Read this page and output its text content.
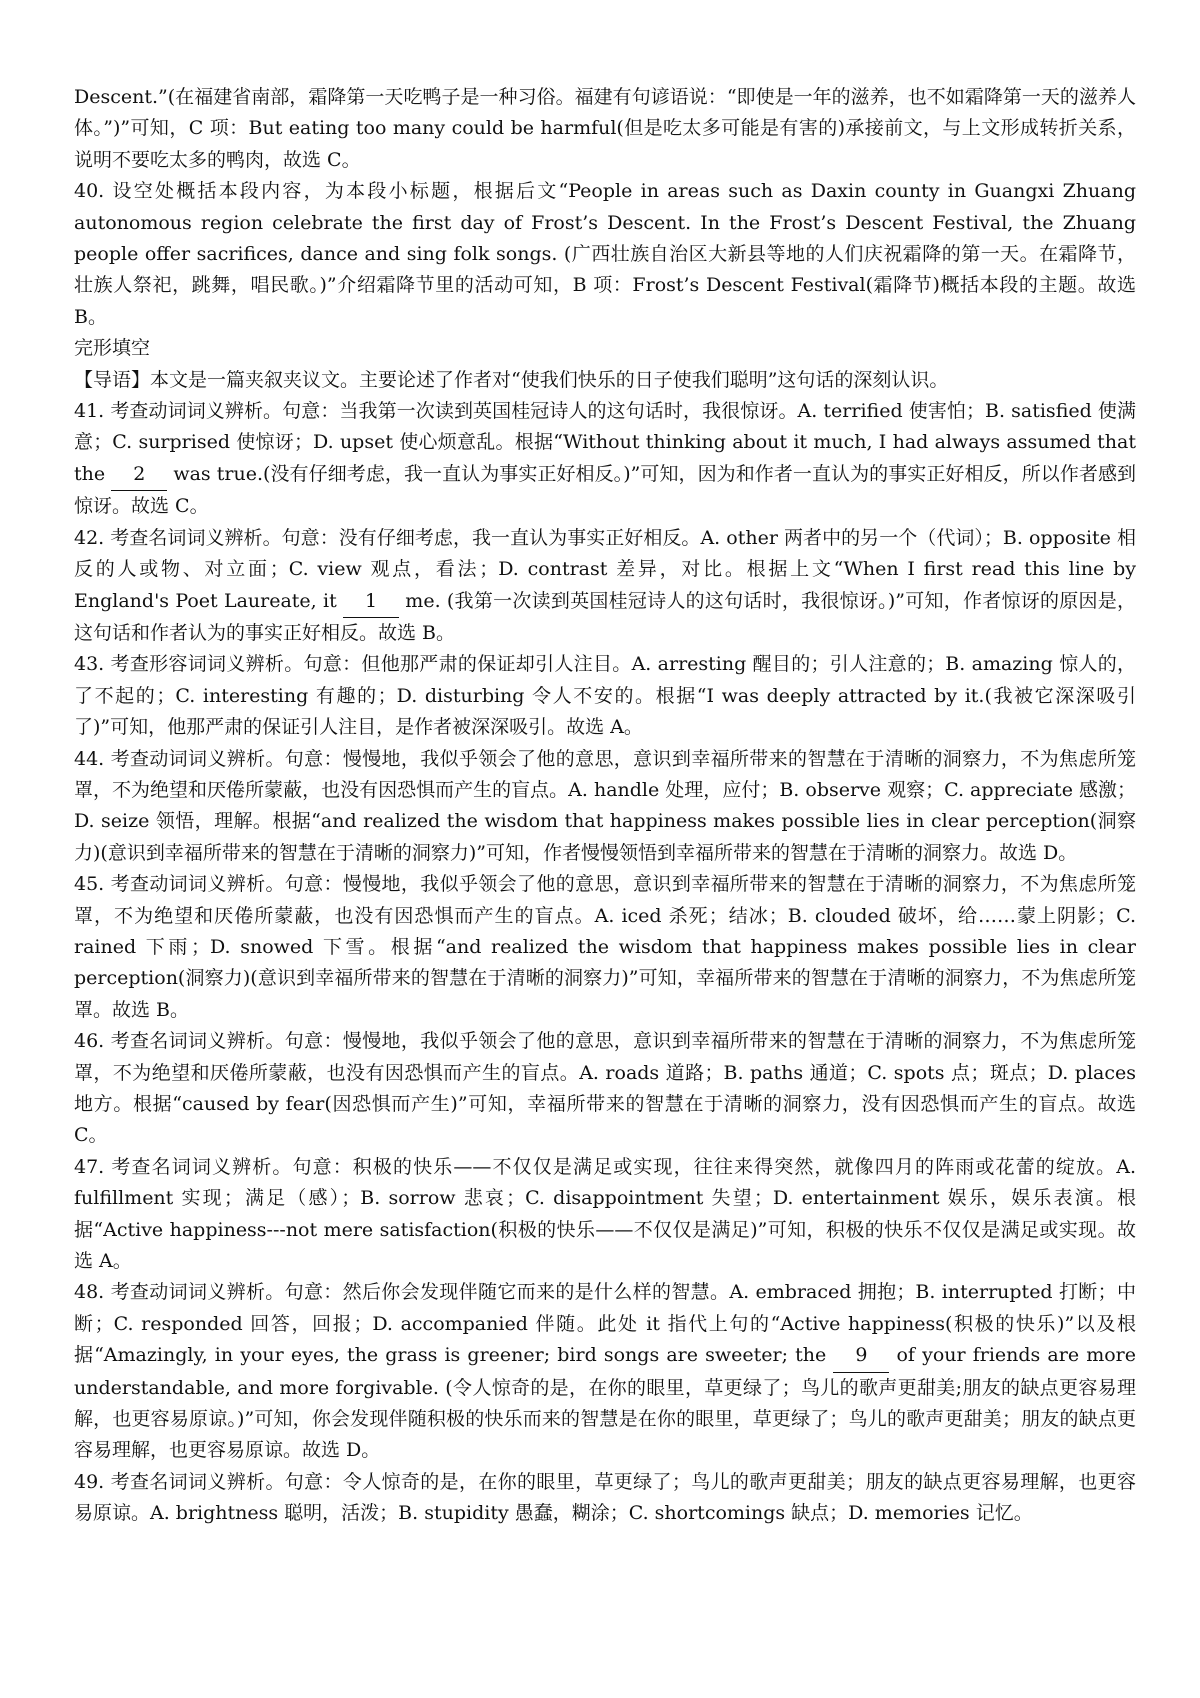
Descent.”(在福建省南部，霜降第一天吃鸭子是一种习俗。福建有句谚语说：“即使是一年的滋养，也不如霜降第一天的滋养人体。”)”可知，C 项：But eating too many could be harmful(但是吃太多可能是有害的)承接前文，与上文形成转折关系，说明不要吃太多的鸭肉，故选 C。

40. 设空处概括本段内容，为本段小标题，根据后文“People in areas such as Daxin county in Guangxi Zhuang autonomous region celebrate the first day of Frost’s Descent. In the Frost’s Descent Festival, the Zhuang people offer sacrifices, dance and sing folk songs. (广西壮族自治区大新县等地的人们庆祝霜降的第一天。在霜降节，壮族人祭祀，跳舞，唱民歌。)”介绍霜降节里的活动可知，B 项：Frost’s Descent Festival(霜降节)概括本段的主题。故选 B。

完形填空

【导语】本文是一篇夹叙夹议文。主要论述了作者对“使我们快乐的日子使我们聪明”这句话的深刻认识。

41. 考查动词词义辨析。句意：当我第一次读到英国桂冠诗人的这句话时，我很惊讶。A. terrified 使害怕；B. satisfied 使满意；C. surprised 使惊讶；D. upset 使心烦意乱。根据“Without thinking about it much, I had always assumed that the 2 was true.(没有仔细考虑，我一直认为事实正好相反。)”可知，因为和作者一直认为的事实正好相反，所以作者感到惊讶。故选 C。

42. 考查名词词义辨析。句意：没有仔细考虑，我一直认为事实正好相反。A. other 两者中的另一个（代词）；B. opposite 相反的人或物、对立面；C. view 观点，看法；D. contrast 差异，对比。根据上文“When I first read this line by England's Poet Laureate, it 1 me. (我第一次读到英国桂冠诗人的这句话时，我很惊讶。)”可知，作者惊讶的原因是，这句话和作者认为的事实正好相反。故选 B。

43. 考查形容词词义辨析。句意：但他那严肃的保证却引人注目。A. arresting 醒目的；引人注意的；B. amazing 惊人的，了不起的；C. interesting 有趣的；D. disturbing 令人不安的。根据“I was deeply attracted by it.(我被它深深吸引了)”可知，他那严肃的保证引人注目，是作者被深深吸引。故选 A。

44. 考查动词词义辨析。句意：慢慢地，我似乎领会了他的意思，意识到幸福所带来的智慧在于清晰的洞察力，不为焦虑所笼罩，不为绝望和厌倦所蒙蔽，也没有因恐惧而产生的盲点。A. handle 处理，应付；B. observe 观察；C. appreciate 感激；D. seize 领悟，理解。根据“and realized the wisdom that happiness makes possible lies in clear perception(洞察力)(意识到幸福所带来的智慧在于清晰的洞察力)”可知，作者慢慢领悟到幸福所带来的智慧在于清晰的洞察力。故选 D。

45. 考查动词词义辨析。句意：慢慢地，我似乎领会了他的意思，意识到幸福所带来的智慧在于清晰的洞察力，不为焦虑所笼罩，不为绝望和厌倦所蒙蔽，也没有因恐惧而产生的盲点。A. iced 杀死；结冰；B. clouded 破坏，给……蒙上阴影；C. rained 下雨；D. snowed 下雪。根据“and realized the wisdom that happiness makes possible lies in clear perception(洞察力)(意识到幸福所带来的智慧在于清晰的洞察力)”可知，幸福所带来的智慧在于清晰的洞察力，不为焦虑所笼罩。故选 B。

46. 考查名词词义辨析。句意：慢慢地，我似乎领会了他的意思，意识到幸福所带来的智慧在于清晰的洞察力，不为焦虑所笼罩，不为绝望和厌倦所蒙蔽，也没有因恐惧而产生的盲点。A. roads 道路；B. paths 通道；C. spots 点；斑点；D. places 地方。根据“caused by fear(因恐惧而产生)”可知，幸福所带来的智慧在于清晰的洞察力，没有因恐惧而产生的盲点。故选 C。

47. 考查名词词义辨析。句意：积极的快乐——不仅仅是满足或实现，往往来得突然，就像四月的阵雨或花蕾的绽放。A. fulfillment 实现；满足（感）；B. sorrow 悲哀；C. disappointment 失望；D. entertainment 娱乐，娱乐表演。根据“Active happiness---not mere satisfaction(积极的快乐——不仅仅是满足)”可知，积极的快乐不仅仅是满足或实现。故选 A。

48. 考查动词词义辨析。句意：然后你会发现伴随它而来的是什么样的智慧。A. embraced 拥抱；B. interrupted 打断；中断；C. responded 回答，回报；D. accompanied 伴随。此处 it 指代上句的“Active happiness(积极的快乐)”以及根据“Amazingly, in your eyes, the grass is greener; bird songs are sweeter; the 9 of your friends are more understandable, and more forgivable. (令人惊奇的是，在你的眼里，草更绿了；鸟儿的歌声更甜美;朋友的缺点更容易理解，也更容易原谅。)”可知，你会发现伴随积极的快乐而来的智慧是在你的眼里，草更绿了；鸟儿的歌声更甜美；朋友的缺点更容易理解，也更容易原谅。故选 D。

49. 考查名词词义辨析。句意：令人惊奇的是，在你的眼里，草更绿了；鸟儿的歌声更甜美；朋友的缺点更容易理解，也更容易原谅。A. brightness 聪明，活泼；B. stupidity 愚蠢，糊涂；C. shortcomings 缺点；D. memories 记忆。
